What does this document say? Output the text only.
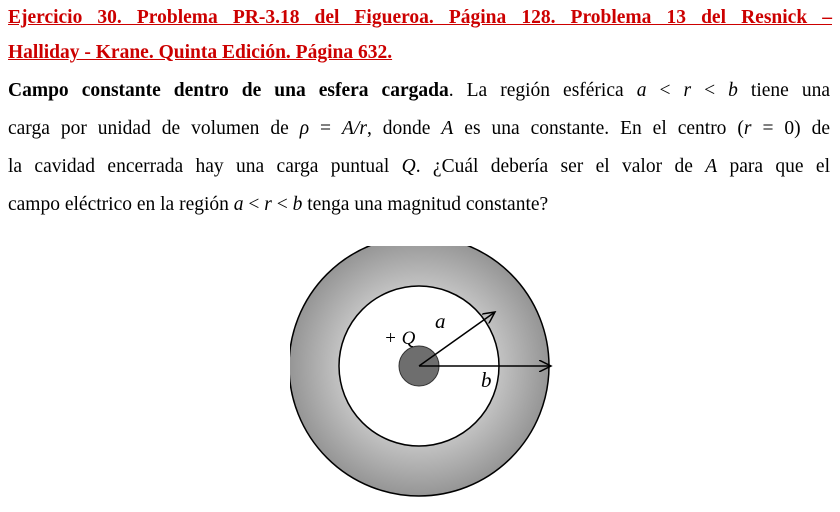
Ejercicio 30. Problema PR-3.18 del Figueroa. Página 128. Problema 13 del Resnick –
Halliday - Krane. Quinta Edición. Página 632.
Campo constante dentro de una esfera cargada. La región esférica a < r < b tiene una
carga por unidad de volumen de ρ = A/r, donde A es una constante. En el centro (r = 0) de
la cavidad encerrada hay una carga puntual Q. ¿Cuál debería ser el valor de A para que el
campo eléctrico en la región a < r < b tenga una magnitud constante?
+ Q
a
b
